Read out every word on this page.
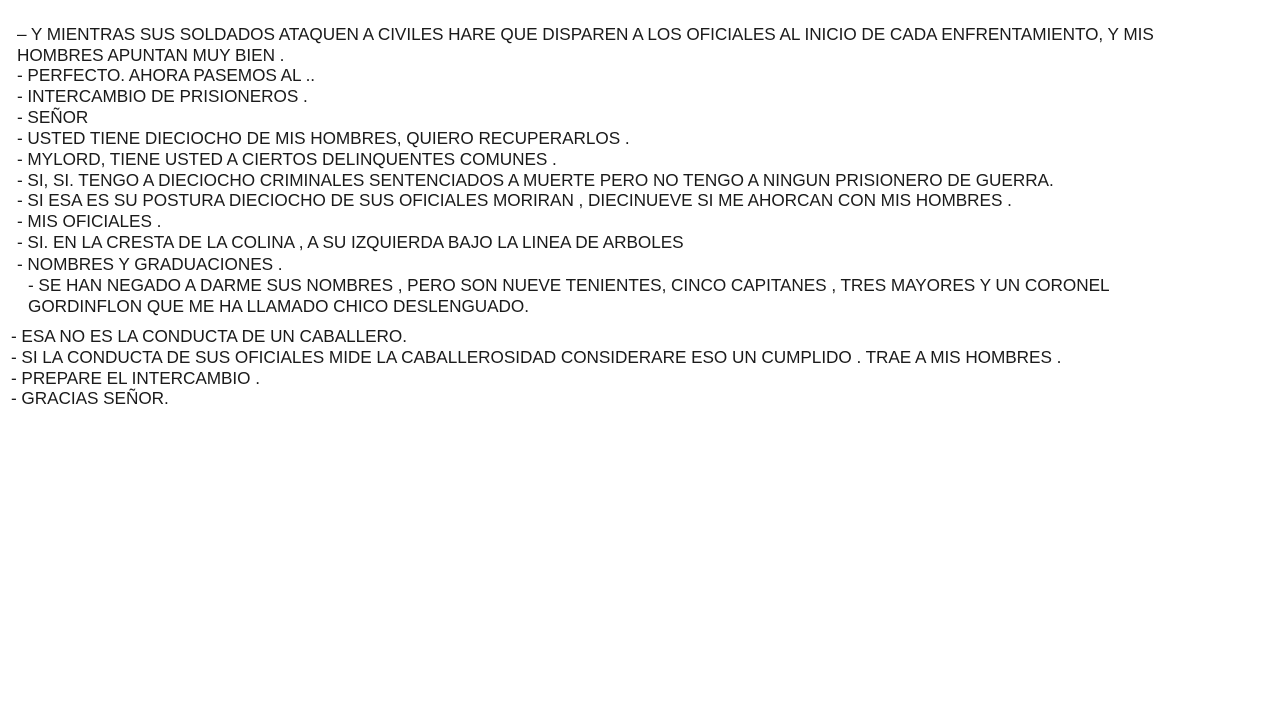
– Y MIENTRAS SUS SOLDADOS ATAQUEN A CIVILES HARE QUE DISPAREN A LOS OFICIALES AL INICIO DE CADA ENFRENTAMIENTO, Y MIS
HOMBRES APUNTAN MUY BIEN .
- PERFECTO. AHORA PASEMOS AL ..
- INTERCAMBIO DE PRISIONEROS .
- SEÑOR
- USTED TIENE DIECIOCHO DE MIS HOMBRES, QUIERO RECUPERARLOS .
- MYLORD, TIENE USTED A CIERTOS DELINQUENTES COMUNES .
- SI, SI. TENGO A DIECIOCHO CRIMINALES SENTENCIADOS A MUERTE PERO NO TENGO A NINGUN PRISIONERO DE GUERRA.
- SI ESA ES SU POSTURA DIECIOCHO DE SUS OFICIALES MORIRAN , DIECINUEVE SI ME AHORCAN CON MIS HOMBRES .
- MIS OFICIALES .
- SI. EN LA CRESTA DE LA COLINA , A SU IZQUIERDA BAJO LA LINEA DE ARBOLES
- NOMBRES Y GRADUACIONES .
- SE HAN NEGADO A DARME SUS NOMBRES , PERO SON NUEVE TENIENTES, CINCO CAPITANES , TRES MAYORES Y UN CORONEL
GORDINFLON QUE ME HA LLAMADO CHICO DESLENGUADO.
- ESA NO ES LA CONDUCTA DE UN CABALLERO.
- SI LA CONDUCTA DE SUS OFICIALES MIDE LA CABALLEROSIDAD CONSIDERARE ESO UN CUMPLIDO . TRAE A MIS HOMBRES .
- PREPARE EL INTERCAMBIO .
- GRACIAS SEÑOR.
